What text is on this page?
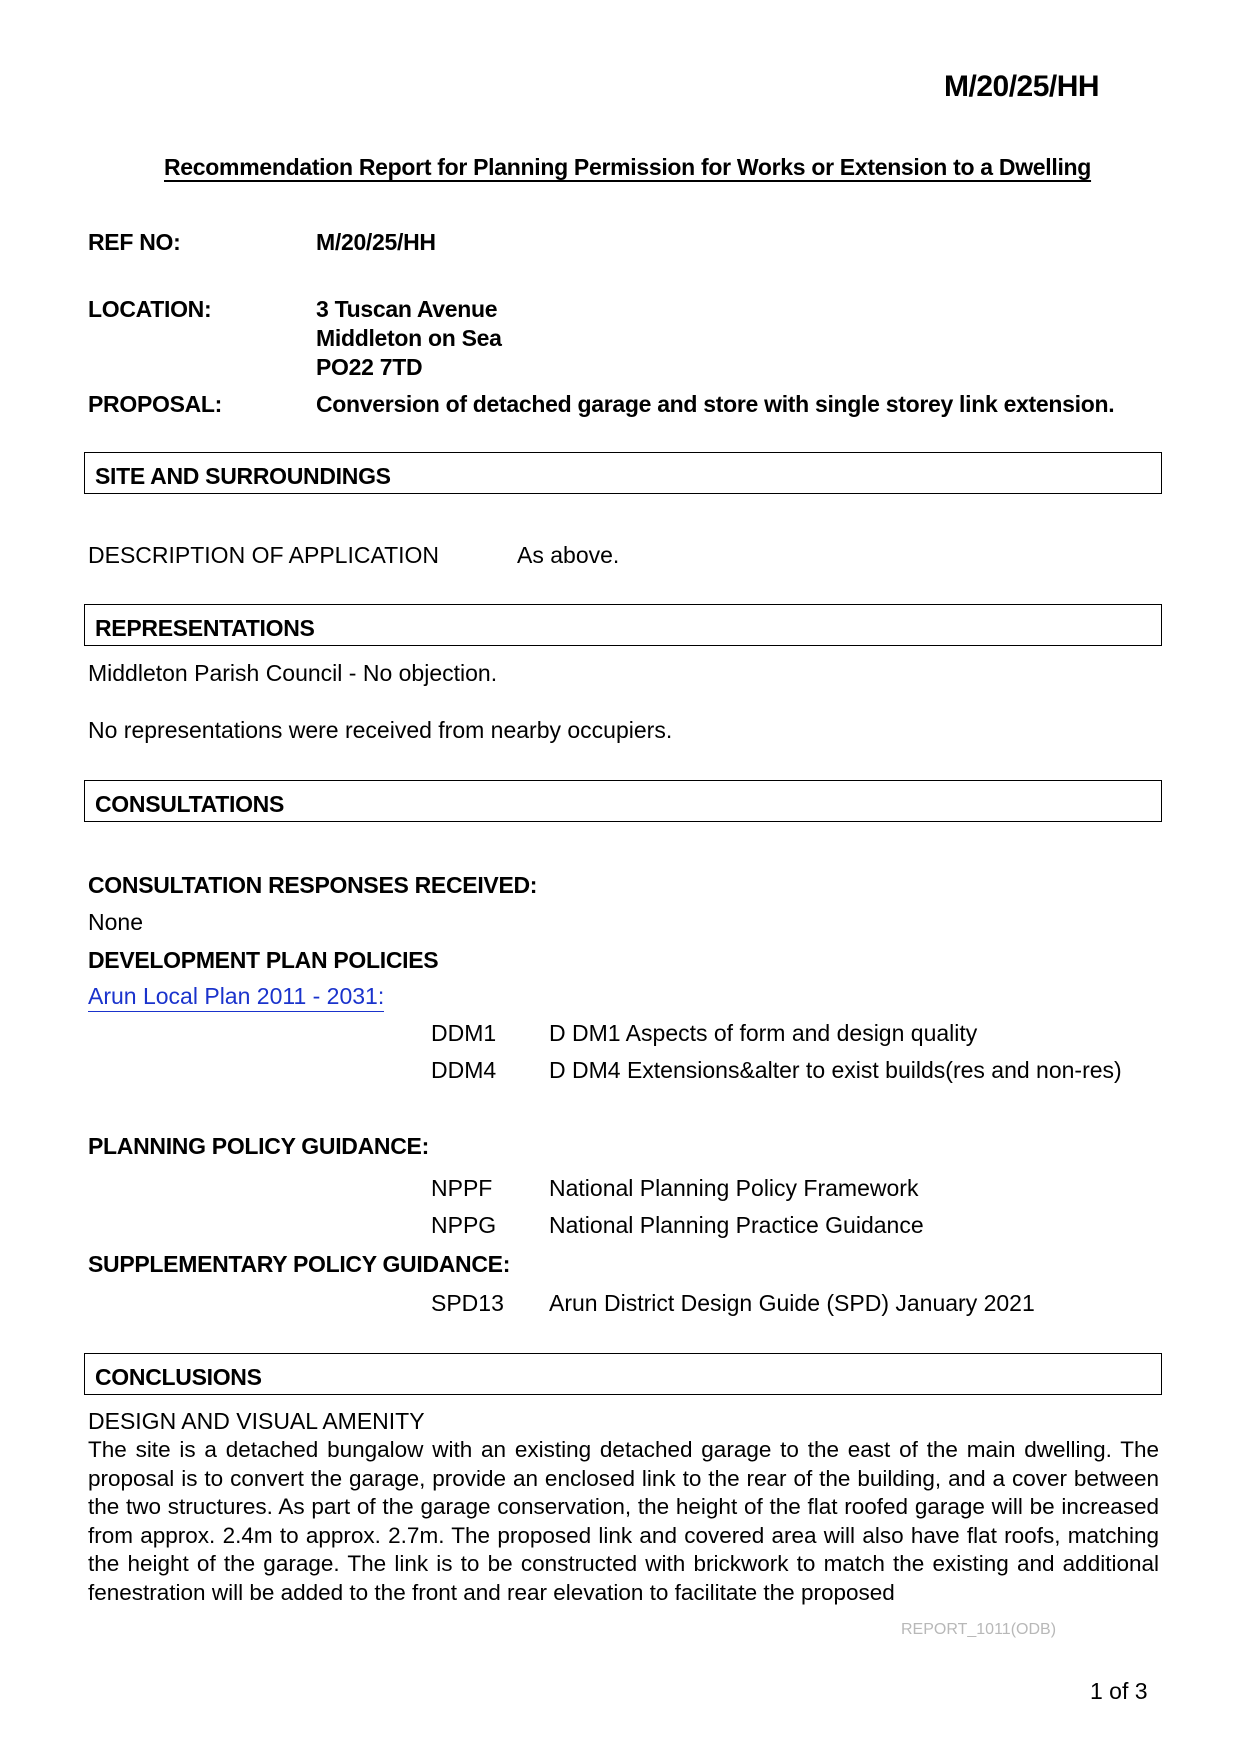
M/20/25/HH
Recommendation Report for Planning Permission for Works or Extension to a Dwelling
REF NO:	M/20/25/HH
LOCATION:	3 Tuscan Avenue
Middleton on Sea
PO22 7TD
PROPOSAL:	Conversion of detached garage and store with single storey link extension.
SITE AND SURROUNDINGS
DESCRIPTION OF APPLICATION	As above.
REPRESENTATIONS
Middleton Parish Council - No objection.
No representations were received from nearby occupiers.
CONSULTATIONS
CONSULTATION RESPONSES RECEIVED:
None
DEVELOPMENT PLAN POLICIES
Arun Local Plan 2011 - 2031:
DDM1 D DM1 Aspects of form and design quality
DDM4 D DM4 Extensions&alter to exist builds(res and non-res)
PLANNING POLICY GUIDANCE:
NPPF National Planning Policy Framework
NPPG National Planning Practice Guidance
SUPPLEMENTARY POLICY GUIDANCE:
SPD13 Arun District Design Guide (SPD) January 2021
CONCLUSIONS
DESIGN AND VISUAL AMENITY
The site is a detached bungalow with an existing detached garage to the east of the main dwelling. The proposal is to convert the garage, provide an enclosed link to the rear of the building, and a cover between the two structures. As part of the garage conservation, the height of the flat roofed garage will be increased from approx. 2.4m to approx. 2.7m. The proposed link and covered area will also have flat roofs, matching the height of the garage. The link is to be constructed with brickwork to match the existing and additional fenestration will be added to the front and rear elevation to facilitate the proposed
REPORT_1011(ODB)
1 of 3
